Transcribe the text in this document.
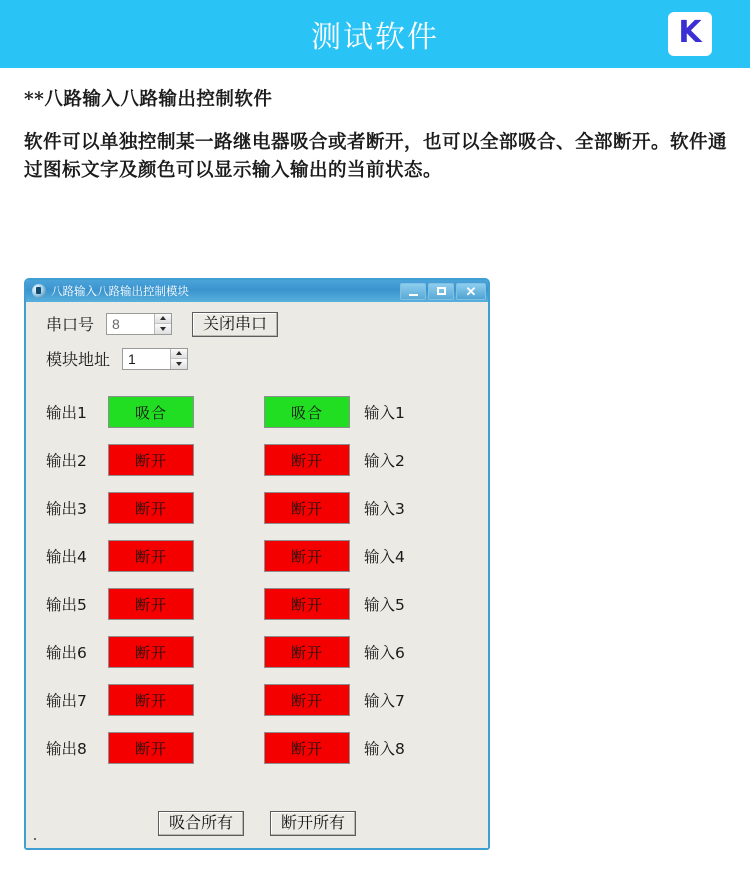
测试软件	K

**八路输入八路输出控制软件

软件可以单独控制某一路继电器吸合或者断开，也可以全部吸合、全部断开。软件通过图标文字及颜色可以显示输入输出的当前状态。

八路输入八路输出控制模块	✕
串口号	8	关闭串口
模块地址	1
输出1	吸合	吸合	输入1
输出2	断开	断开	输入2
输出3	断开	断开	输入3
输出4	断开	断开	输入4
输出5	断开	断开	输入5
输出6	断开	断开	输入6
输出7	断开	断开	输入7
输出8	断开	断开	输入8
吸合所有	断开所有
